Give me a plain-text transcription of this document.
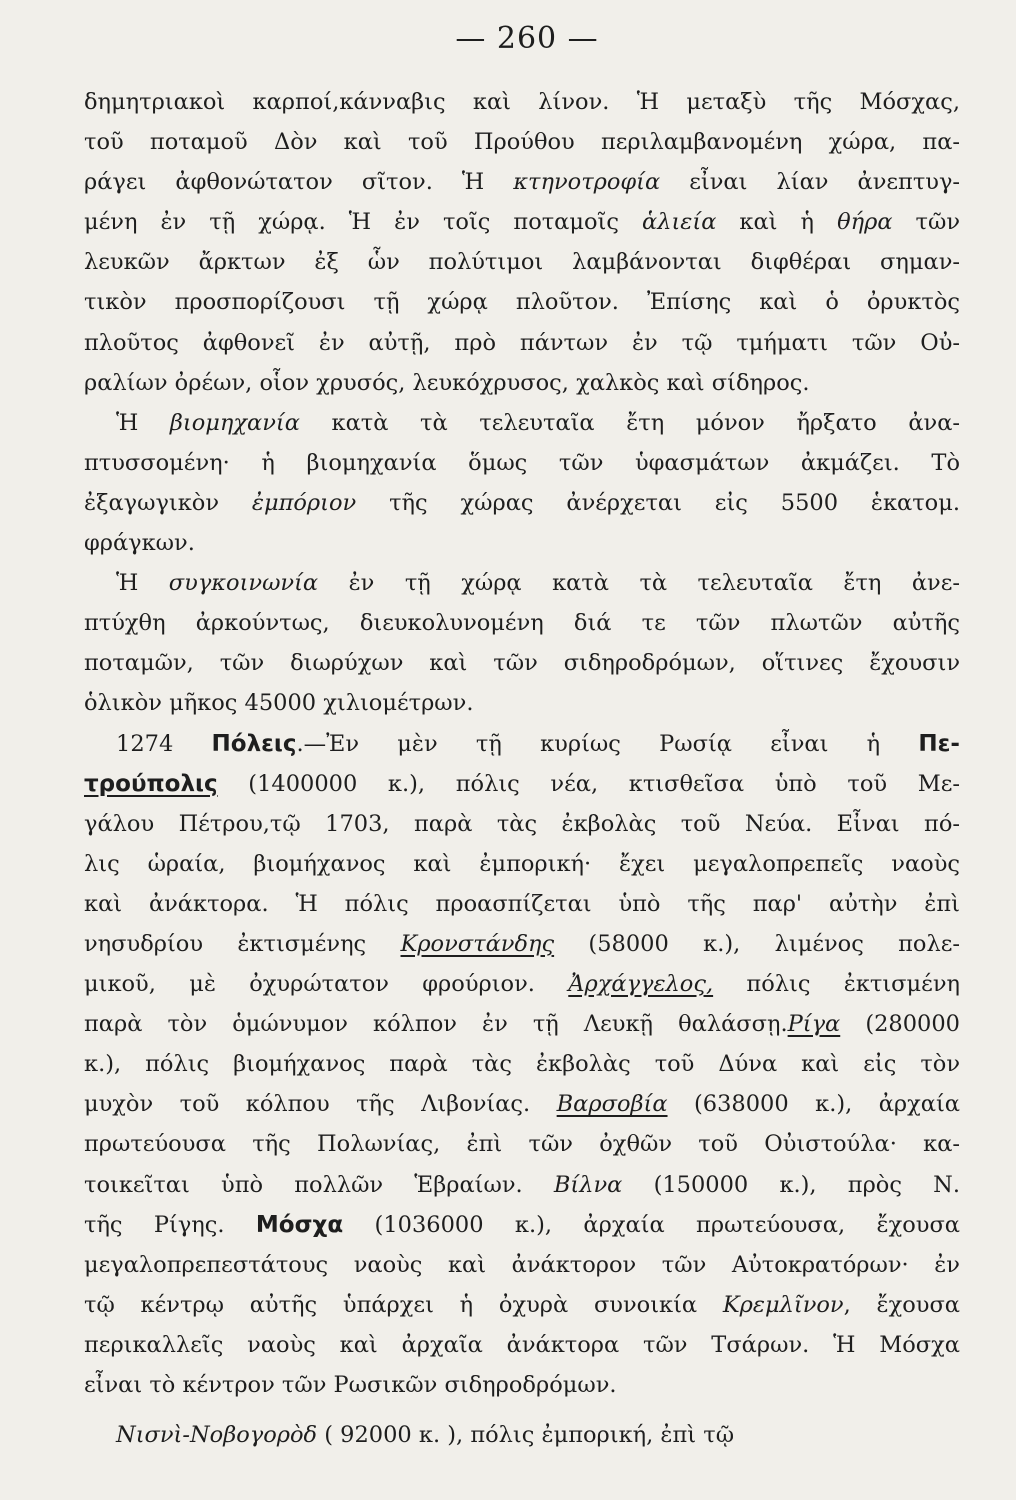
— 260 —
δημητριακοὶ καρποί,κάνναβις καὶ λίνον. Ἡ μεταξὺ τῆς Μόσχας,
τοῦ ποταμοῦ Δὸν καὶ τοῦ Προύθου περιλαμβανομένη χώρα, πα-
ράγει ἀφθονώτατον σῖτον. Ἡ κτηνοτροφία εἶναι λίαν ἀνεπτυγ-
μένη ἐν τῇ χώρᾳ. Ἡ ἐν τοῖς ποταμοῖς ἁλιεία καὶ ἡ θήρα τῶν
λευκῶν ἄρκτων ἐξ ὧν πολύτιμοι λαμβάνονται διφθέραι σημαν-
τικὸν προσπορίζουσι τῇ χώρᾳ πλοῦτον. Ἐπίσης καὶ ὁ ὀρυκτὸς
πλοῦτος ἀφθονεῖ ἐν αὐτῇ, πρὸ πάντων ἐν τῷ τμήματι τῶν Οὐ-
ραλίων ὀρέων, οἷον χρυσός, λευκόχρυσος, χαλκὸς καὶ σίδηρος.
Ἡ βιομηχανία κατὰ τὰ τελευταῖα ἔτη μόνον ἤρξατο ἀνα-
πτυσσομένη· ἡ βιομηχανία ὅμως τῶν ὑφασμάτων ἀκμάζει. Τὸ
ἐξαγωγικὸν ἐμπόριον τῆς χώρας ἀνέρχεται εἰς 5500 ἑκατομ.
φράγκων.
Ἡ συγκοινωνία ἐν τῇ χώρᾳ κατὰ τὰ τελευταῖα ἔτη ἀνε-
πτύχθη ἀρκούντως, διευκολυνομένη διά τε τῶν πλωτῶν αὐτῆς
ποταμῶν, τῶν διωρύχων καὶ τῶν σιδηροδρόμων, οἵτινες ἔχουσιν
ὁλικὸν μῆκος 45000 χιλιομέτρων.
1274 Πόλεις.—Ἐν μὲν τῇ κυρίως Ρωσίᾳ εἶναι ἡ Πε-
τρούπολις (1400000 κ.), πόλις νέα, κτισθεῖσα ὑπὸ τοῦ Με-
γάλου Πέτρου,τῷ 1703, παρὰ τὰς ἐκβολὰς τοῦ Νεύα. Εἶναι πό-
λις ὡραία, βιομήχανος καὶ ἐμπορική· ἔχει μεγαλοπρεπεῖς ναοὺς
καὶ ἀνάκτορα. Ἡ πόλις προασπίζεται ὑπὸ τῆς παρ' αὐτὴν ἐπὶ
νησυδρίου ἐκτισμένης Κρονστάνδης (58000 κ.), λιμένος πολε-
μικοῦ, μὲ ὀχυρώτατον φρούριον. Ἀρχάγγελος, πόλις ἐκτισμένη
παρὰ τὸν ὁμώνυμον κόλπον ἐν τῇ Λευκῇ θαλάσσῃ.Ρίγα (280000
κ.), πόλις βιομήχανος παρὰ τὰς ἐκβολὰς τοῦ Δύνα καὶ εἰς τὸν
μυχὸν τοῦ κόλπου τῆς Λιβονίας. Βαρσοβία (638000 κ.), ἀρχαία
πρωτεύουσα τῆς Πολωνίας, ἐπὶ τῶν ὀχθῶν τοῦ Οὐιστούλα· κα-
τοικεῖται ὑπὸ πολλῶν Ἑβραίων. Βίλνα (150000 κ.), πρὸς Ν.
τῆς Ρίγης. Μόσχα (1036000 κ.), ἀρχαία πρωτεύουσα, ἔχουσα
μεγαλοπρεπεστάτους ναοὺς καὶ ἀνάκτορον τῶν Αὐτοκρατόρων· ἐν
τῷ κέντρῳ αὐτῆς ὑπάρχει ἡ ὀχυρὰ συνοικία Κρεμλῖνον, ἔχουσα
περικαλλεῖς ναοὺς καὶ ἀρχαῖα ἀνάκτορα τῶν Τσάρων. Ἡ Μόσχα
εἶναι τὸ κέντρον τῶν Ρωσικῶν σιδηροδρόμων.
Νισνὶ-Νοβογορὸδ ( 92000 κ. ), πόλις ἐμπορική, ἐπὶ τῷ
